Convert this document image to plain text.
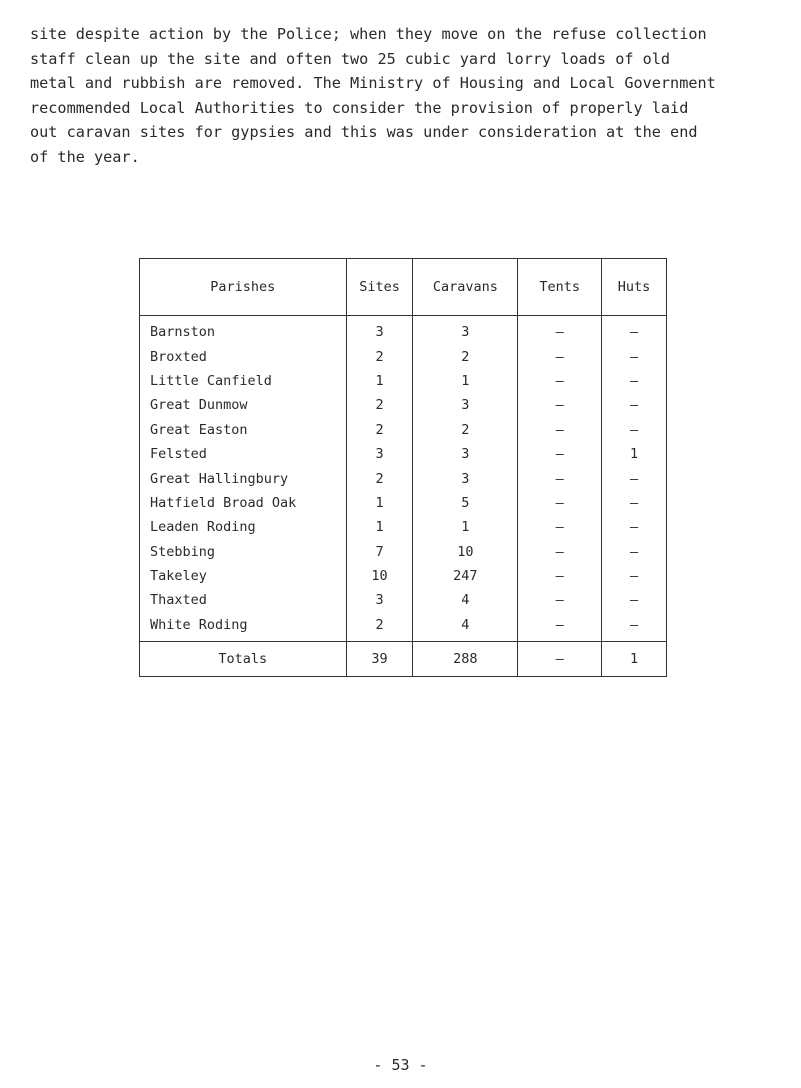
site despite action by the Police; when they move on the refuse collection
staff clean up the site and often two 25 cubic yard lorry loads of old
metal and rubbish are removed. The Ministry of Housing and Local Government
recommended Local Authorities to consider the provision of properly laid
out caravan sites for gypsies and this was under consideration at the end
of the year.
Parishes	Sites	Caravans	Tents	Huts
Barnston	3	3	–	–
Broxted	2	2	–	–
Little Canfield	1	1	–	–
Great Dunmow	2	3	–	–
Great Easton	2	2	–	–
Felsted	3	3	–	1
Great Hallingbury	2	3	–	–
Hatfield Broad Oak	1	5	–	–
Leaden Roding	1	1	–	–
Stebbing	7	10	–	–
Takeley	10	247	–	–
Thaxted	3	4	–	–
White Roding	2	4	–	–
Totals	39	288	–	1
- 53 -
